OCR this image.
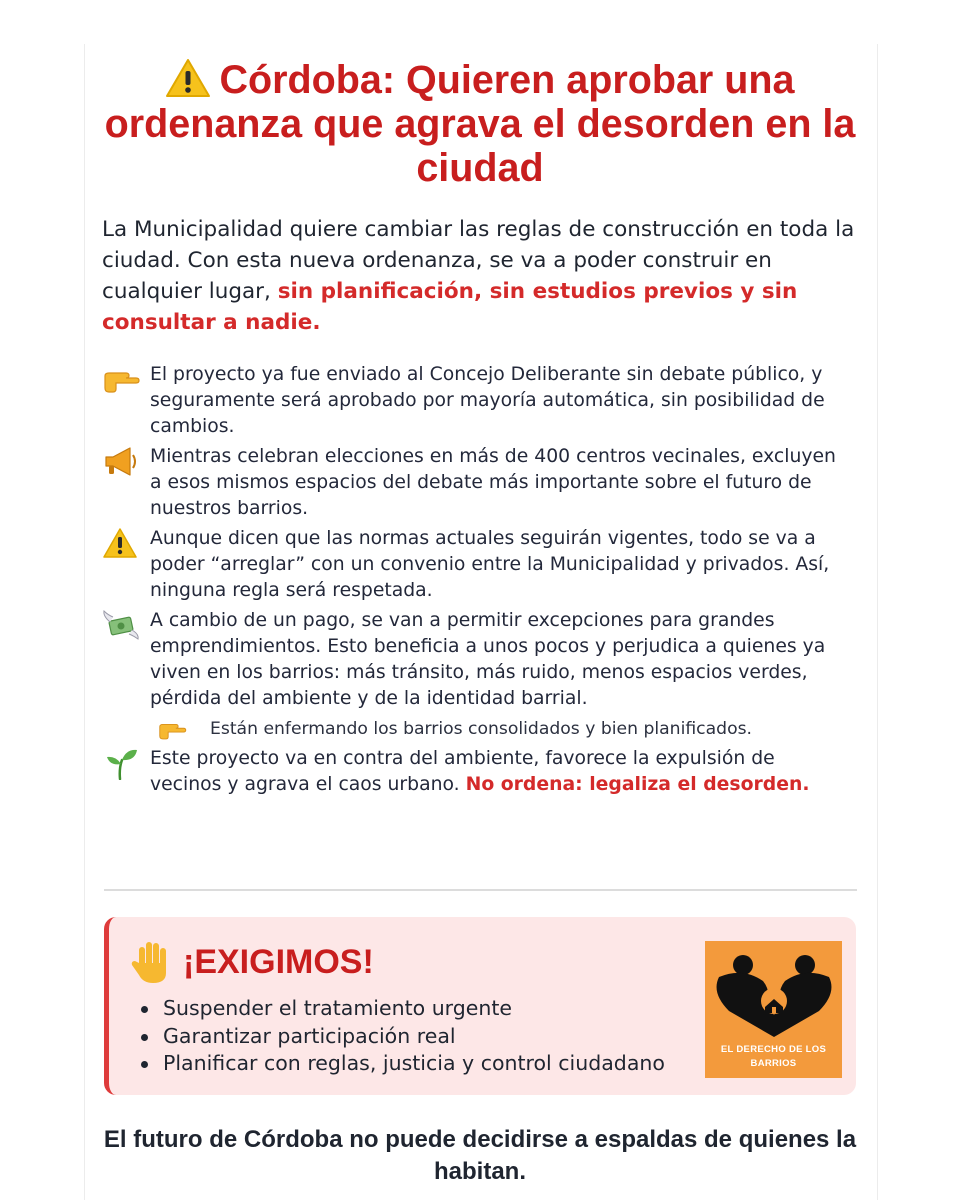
Córdoba: Quieren aprobar una ordenanza que agrava el desorden en la ciudad

La Municipalidad quiere cambiar las reglas de construcción en toda la ciudad. Con esta nueva ordenanza, se va a poder construir en cualquier lugar, sin planificación, sin estudios previos y sin consultar a nadie.

El proyecto ya fue enviado al Concejo Deliberante sin debate público, y seguramente será aprobado por mayoría automática, sin posibilidad de cambios.
Mientras celebran elecciones en más de 400 centros vecinales, excluyen a esos mismos espacios del debate más importante sobre el futuro de nuestros barrios.
Aunque dicen que las normas actuales seguirán vigentes, todo se va a poder “arreglar” con un convenio entre la Municipalidad y privados. Así, ninguna regla será respetada.
A cambio de un pago, se van a permitir excepciones para grandes emprendimientos. Esto beneficia a unos pocos y perjudica a quienes ya viven en los barrios: más tránsito, más ruido, menos espacios verdes, pérdida del ambiente y de la identidad barrial.
Están enfermando los barrios consolidados y bien planificados.
Este proyecto va en contra del ambiente, favorece la expulsión de vecinos y agrava el caos urbano. No ordena: legaliza el desorden.
¡EXIGIMOS!
Suspender el tratamiento urgente
Garantizar participación real
Planificar con reglas, justicia y control ciudadano
EL DERECHO DE LOS BARRIOS

El futuro de Córdoba no puede decidirse a espaldas de quienes la habitan.
